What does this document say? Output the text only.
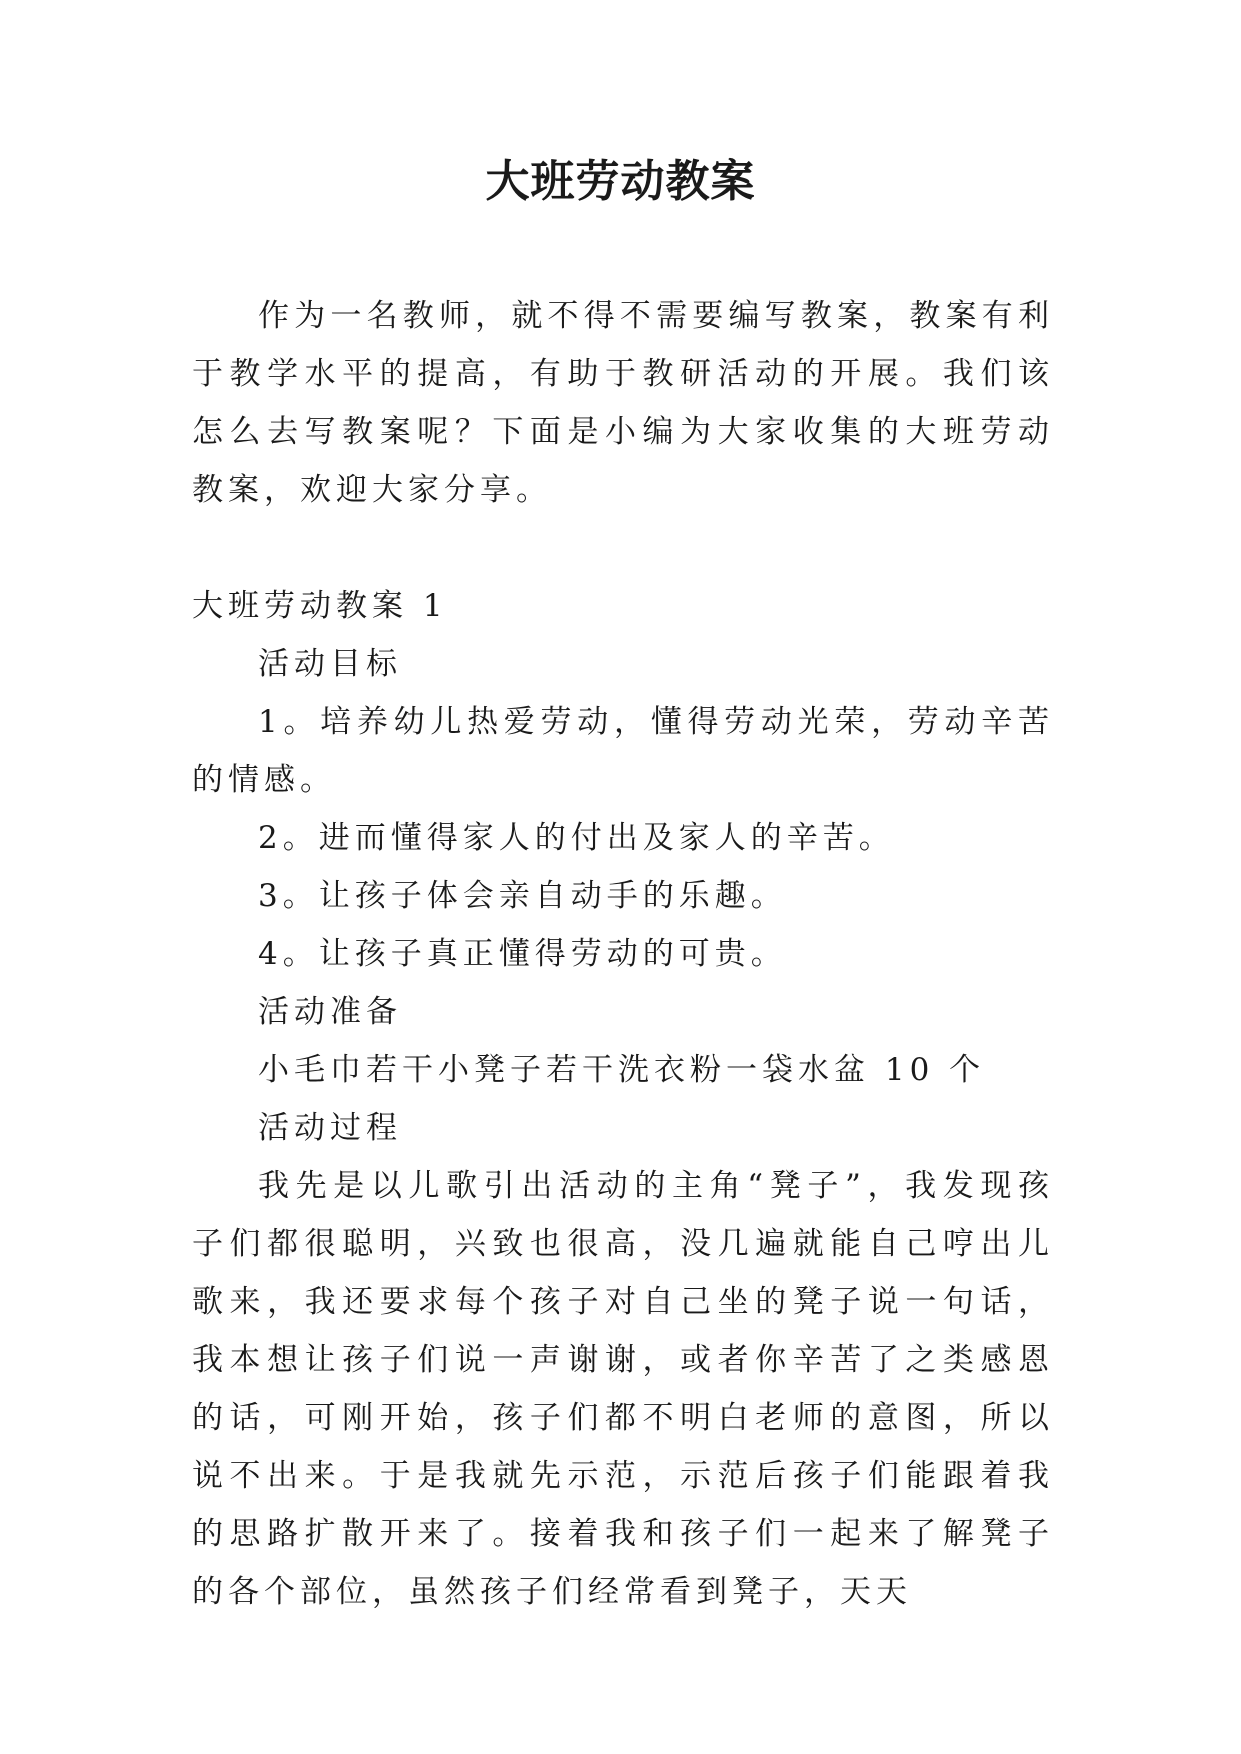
大班劳动教案

作为一名教师，就不得不需要编写教案，教案有利于教学水平的提高，有助于教研活动的开展。我们该怎么去写教案呢？下面是小编为大家收集的大班劳动教案，欢迎大家分享。

大班劳动教案 1

活动目标

1。培养幼儿热爱劳动，懂得劳动光荣，劳动辛苦的情感。

2。进而懂得家人的付出及家人的辛苦。

3。让孩子体会亲自动手的乐趣。

4。让孩子真正懂得劳动的可贵。

活动准备

小毛巾若干小凳子若干洗衣粉一袋水盆 10 个

活动过程

我先是以儿歌引出活动的主角“凳子”，我发现孩子们都很聪明，兴致也很高，没几遍就能自己哼出儿歌来，我还要求每个孩子对自己坐的凳子说一句话，我本想让孩子们说一声谢谢，或者你辛苦了之类感恩的话，可刚开始，孩子们都不明白老师的意图，所以说不出来。于是我就先示范，示范后孩子们能跟着我的思路扩散开来了。接着我和孩子们一起来了解凳子的各个部位，虽然孩子们经常看到凳子，天天
